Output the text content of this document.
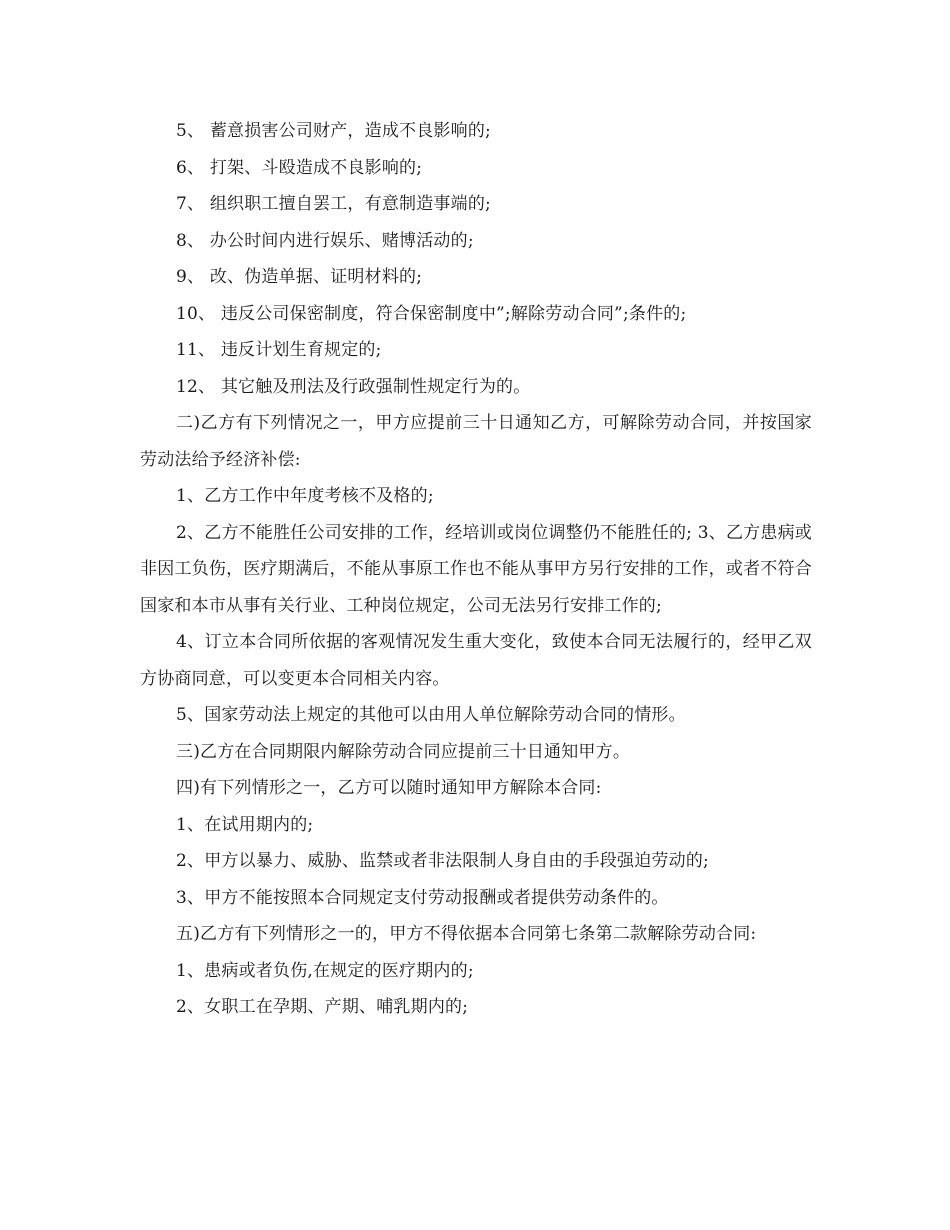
5、 蓄意损害公司财产，造成不良影响的;

6、 打架、斗殴造成不良影响的;

7、 组织职工擅自罢工，有意制造事端的;

8、 办公时间内进行娱乐、赌博活动的;

9、 改、伪造单据、证明材料的;

10、 违反公司保密制度，符合保密制度中”;解除劳动合同”;条件的;

11、 违反计划生育规定的;

12、 其它触及刑法及行政强制性规定行为的。

二)乙方有下列情况之一，甲方应提前三十日通知乙方，可解除劳动合同，并按国家劳动法给予经济补偿:

1、乙方工作中年度考核不及格的;

2、乙方不能胜任公司安排的工作，经培训或岗位调整仍不能胜任的; 3、乙方患病或非因工负伤，医疗期满后，不能从事原工作也不能从事甲方另行安排的工作，或者不符合国家和本市从事有关行业、工种岗位规定，公司无法另行安排工作的;

4、订立本合同所依据的客观情况发生重大变化，致使本合同无法履行的，经甲乙双方协商同意，可以变更本合同相关内容。

5、国家劳动法上规定的其他可以由用人单位解除劳动合同的情形。

三)乙方在合同期限内解除劳动合同应提前三十日通知甲方。

四)有下列情形之一，乙方可以随时通知甲方解除本合同:

1、在试用期内的;

2、甲方以暴力、威胁、监禁或者非法限制人身自由的手段强迫劳动的;

3、甲方不能按照本合同规定支付劳动报酬或者提供劳动条件的。

五)乙方有下列情形之一的，甲方不得依据本合同第七条第二款解除劳动合同:

1、患病或者负伤,在规定的医疗期内的;

2、女职工在孕期、产期、哺乳期内的;
